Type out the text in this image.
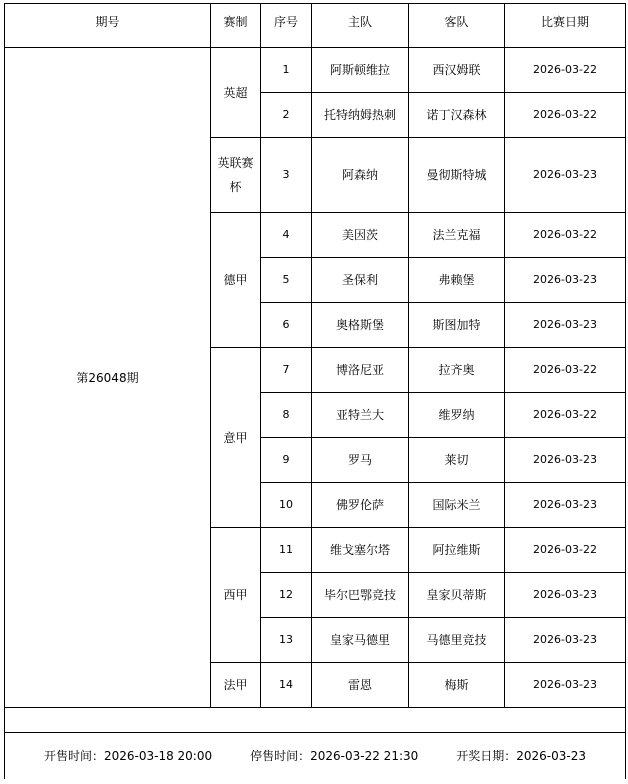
期号	赛制	序号	主队	客队	比赛日期
第26048期	英超	1	阿斯顿维拉	西汉姆联	2026-03-22
		2	托特纳姆热刺	诺丁汉森林	2026-03-22
	英联赛杯	3	阿森纳	曼彻斯特城	2026-03-23
	德甲	4	美因茨	法兰克福	2026-03-22
		5	圣保利	弗赖堡	2026-03-23
		6	奥格斯堡	斯图加特	2026-03-23
	意甲	7	博洛尼亚	拉齐奥	2026-03-22
		8	亚特兰大	维罗纳	2026-03-22
		9	罗马	莱切	2026-03-23
		10	佛罗伦萨	国际米兰	2026-03-23
	西甲	11	维戈塞尔塔	阿拉维斯	2026-03-22
		12	毕尔巴鄂竞技	皇家贝蒂斯	2026-03-23
		13	皇家马德里	马德里竞技	2026-03-23
	法甲	14	雷恩	梅斯	2026-03-23

开售时间：2026-03-18 20:00 停售时间：2026-03-22 21:30 开奖日期：2026-03-23					
